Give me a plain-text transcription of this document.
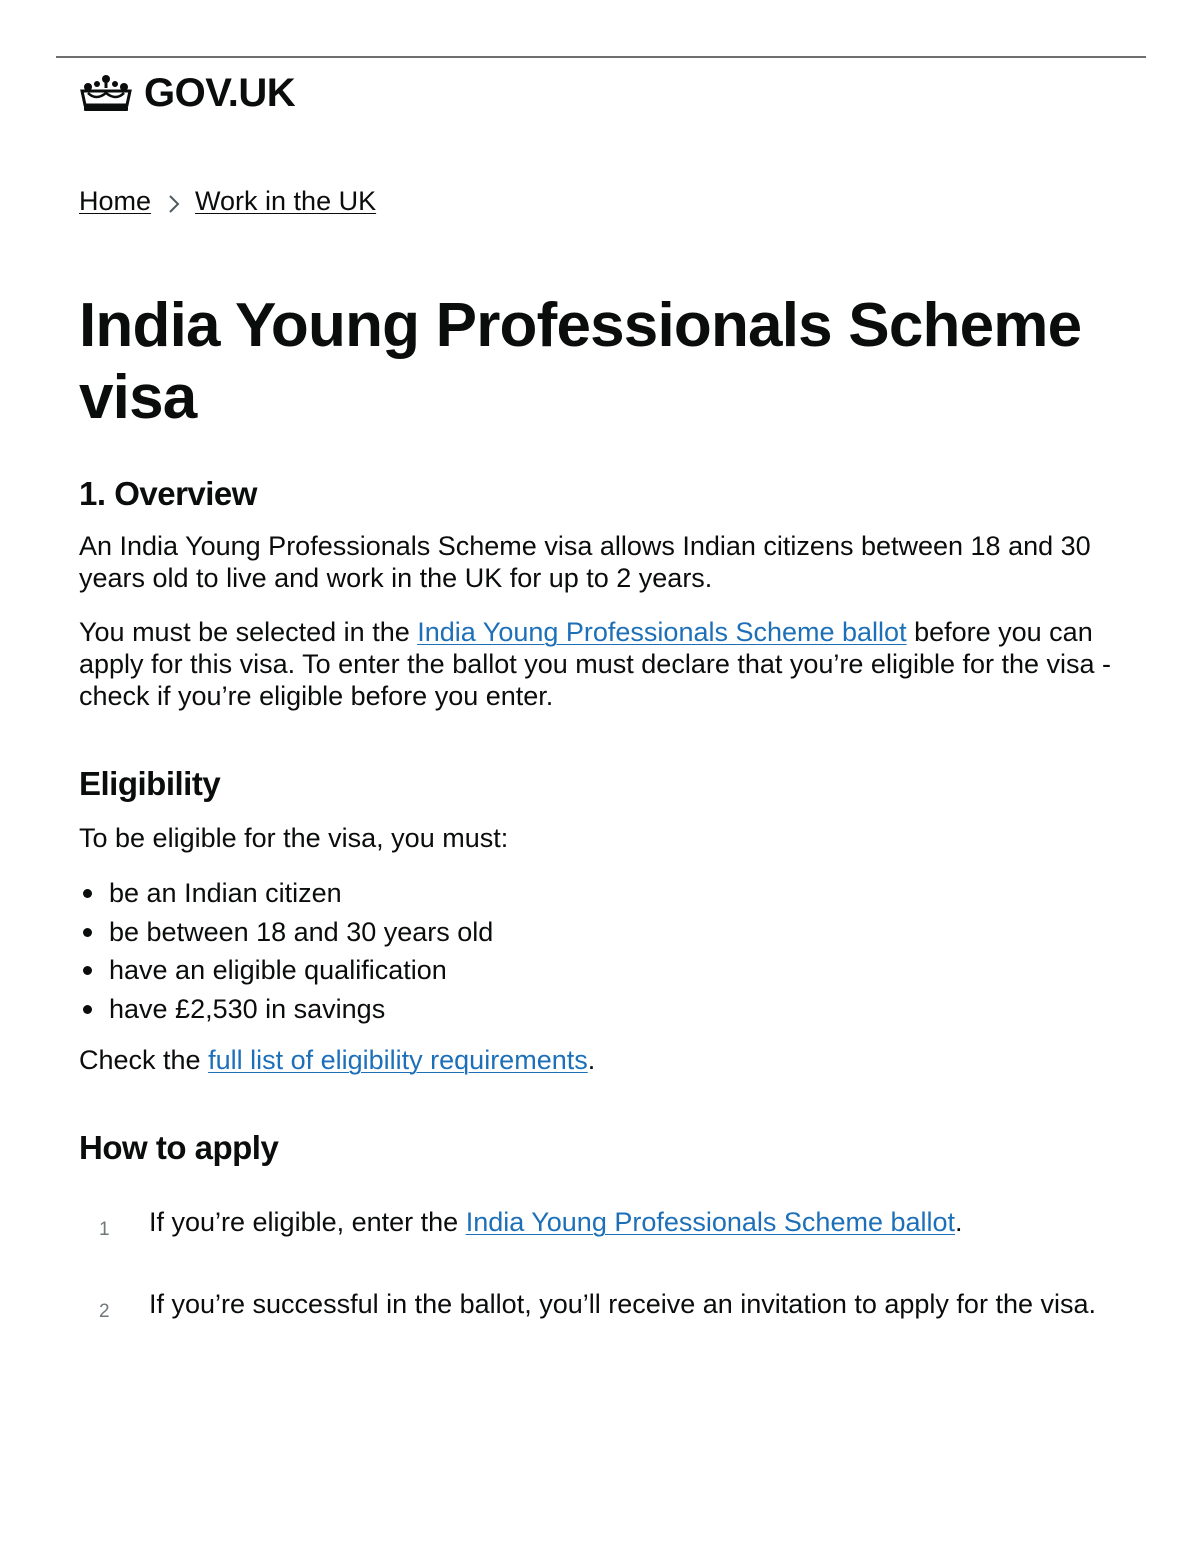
GOV.UK
Home Work in the UK
India Young Professionals Scheme visa
1. Overview

An India Young Professionals Scheme visa allows Indian citizens between 18 and 30 years old to live and work in the UK for up to 2 years.

You must be selected in the India Young Professionals Scheme ballot before you can apply for this visa. To enter the ballot you must declare that you’re eligible for the visa - check if you’re eligible before you enter.

Eligibility

To be eligible for the visa, you must:

be an Indian citizen
be between 18 and 30 years old
have an eligible qualification
have £2,530 in savings

Check the full list of eligibility requirements.

How to apply
1 If you’re eligible, enter the India Young Professionals Scheme ballot.
2 If you’re successful in the ballot, you’ll receive an invitation to apply for the visa.
